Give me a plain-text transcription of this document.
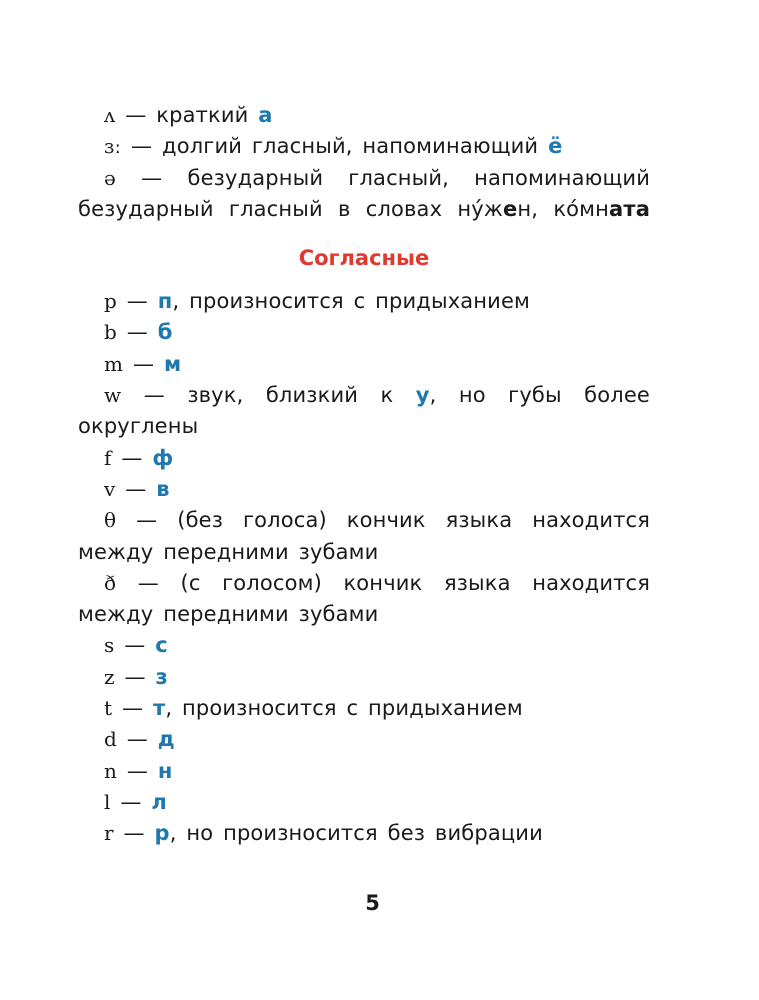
ʌ — краткий а
ɜː — долгий гласный, напоминающий ё
ə — безударный гласный, напоминающий
безударный гласный в словах ну́жен, ко́мната
Согласные
p — п, произносится с придыханием
b — б
m — м
w — звук, близкий к у, но губы более
округлены
f — ф
v — в
θ — (без голоса) кончик языка находится
между передними зубами
ð — (с голосом) кончик языка находится
между передними зубами
s — с
z — з
t — т, произносится с придыханием
d — д
n — н
l — л
r — р, но произносится без вибрации
5
